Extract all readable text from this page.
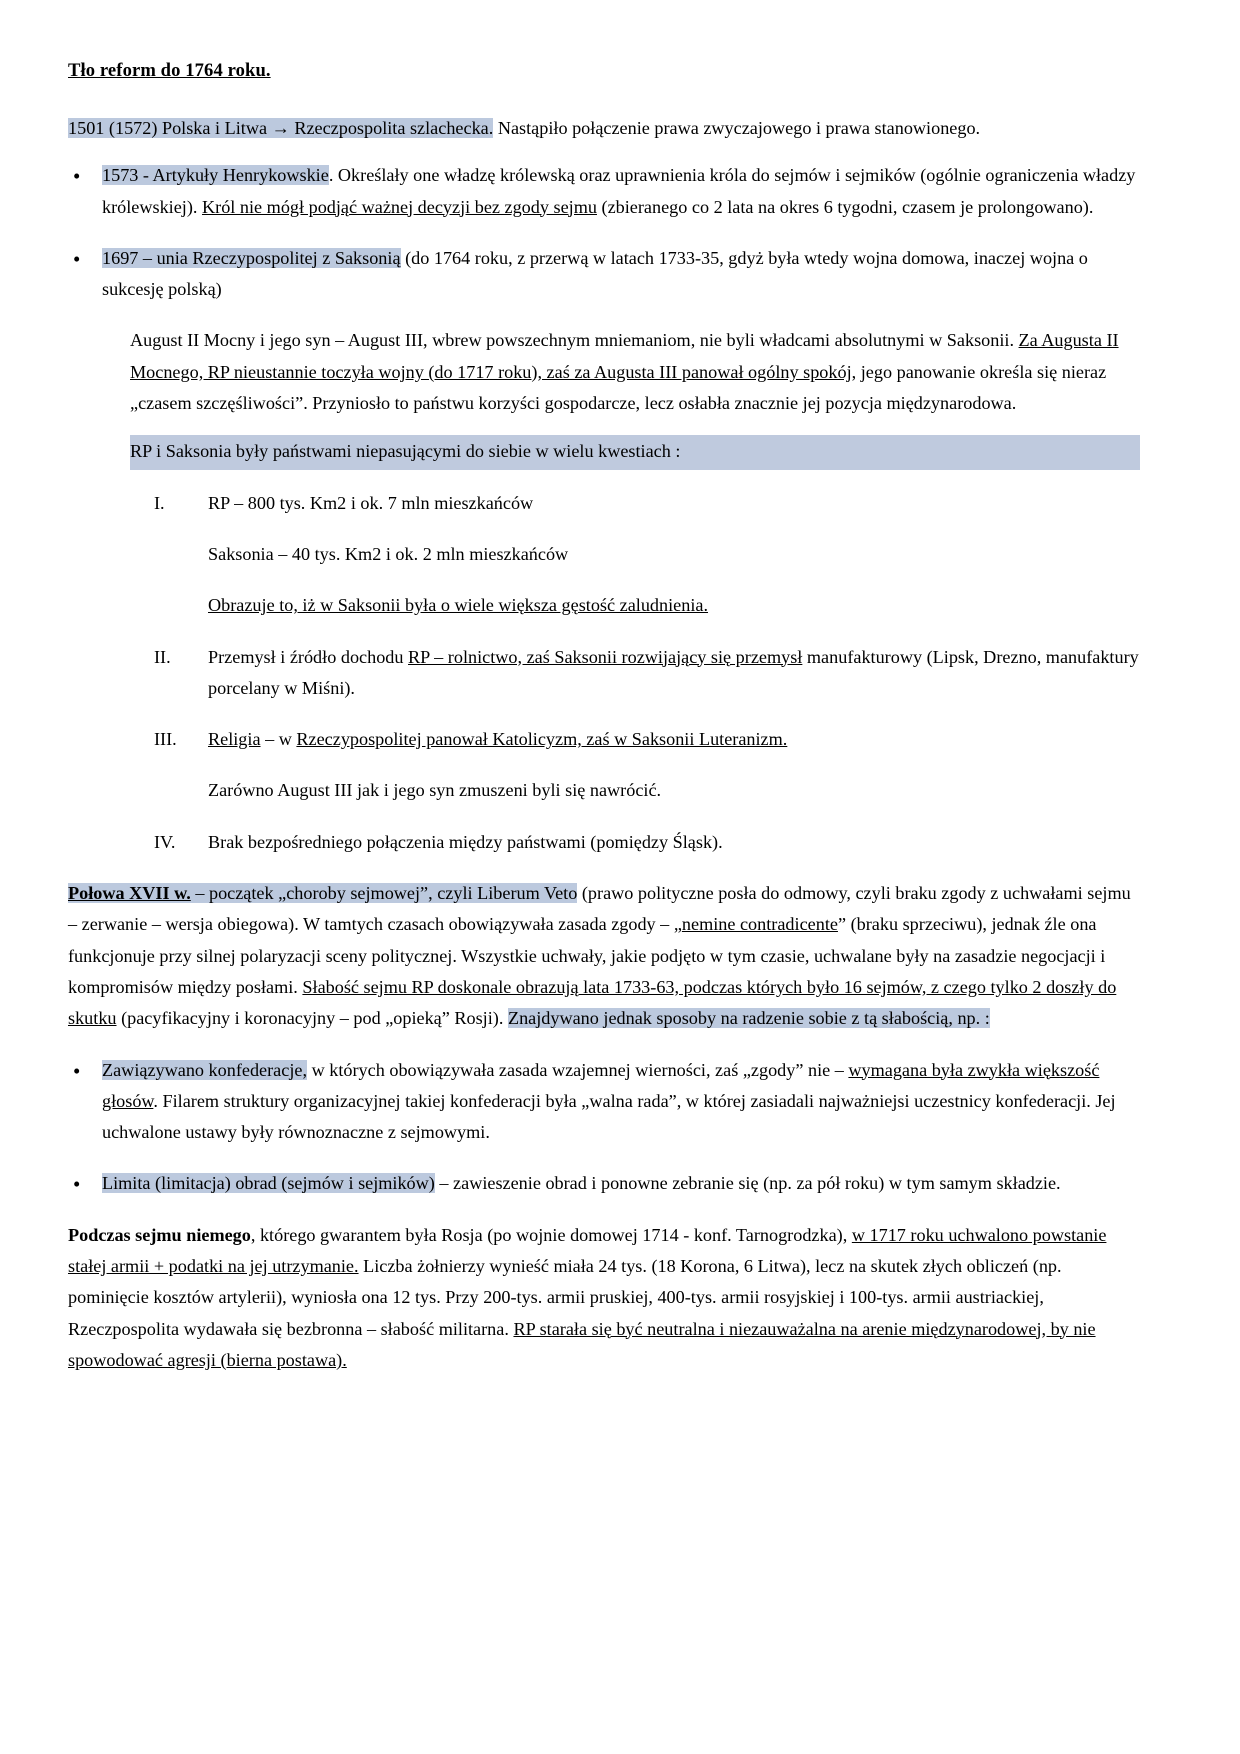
Tło reform do 1764 roku.

1501 (1572) Polska i Litwa → Rzeczpospolita szlachecka. Nastąpiło połączenie prawa zwyczajowego i prawa stanowionego.

• 1573 - Artykuły Henrykowskie. Określały one władzę królewską oraz uprawnienia króla do sejmów i sejmików (ogólnie ograniczenia władzy królewskiej). Król nie mógł podjąć ważnej decyzji bez zgody sejmu (zbieranego co 2 lata na okres 6 tygodni, czasem je prolongowano).
• 1697 – unia Rzeczypospolitej z Saksonią (do 1764 roku, z przerwą w latach 1733-35, gdyż była wtedy wojna domowa, inaczej wojna o sukcesję polską)

August II Mocny i jego syn – August III, wbrew powszechnym mniemaniom, nie byli władcami absolutnymi w Saksonii. Za Augusta II Mocnego, RP nieustannie toczyła wojny (do 1717 roku), zaś za Augusta III panował ogólny spokój, jego panowanie określa się nieraz „czasem szczęśliwości”. Przyniosło to państwu korzyści gospodarcze, lecz osłabła znacznie jej pozycja międzynarodowa.

RP i Saksonia były państwami niepasującymi do siebie w wielu kwestiach :

I.	RP – 800 tys. Km2 i ok. 7 mln mieszkańców
Saksonia – 40 tys. Km2 i ok. 2 mln mieszkańców
Obrazuje to, iż w Saksonii była o wiele większa gęstość zaludnienia.
II.	Przemysł i źródło dochodu RP – rolnictwo, zaś Saksonii rozwijający się przemysł manufakturowy (Lipsk, Drezno, manufaktury porcelany w Miśni).
III.	Religia – w Rzeczypospolitej panował Katolicyzm, zaś w Saksonii Luteranizm.
Zarówno August III jak i jego syn zmuszeni byli się nawrócić.
IV.	Brak bezpośredniego połączenia między państwami (pomiędzy Śląsk).

Połowa XVII w. – początek „choroby sejmowej”, czyli Liberum Veto (prawo polityczne posła do odmowy, czyli braku zgody z uchwałami sejmu – zerwanie – wersja obiegowa). W tamtych czasach obowiązywała zasada zgody – „nemine contradicente” (braku sprzeciwu), jednak źle ona funkcjonuje przy silnej polaryzacji sceny politycznej. Wszystkie uchwały, jakie podjęto w tym czasie, uchwalane były na zasadzie negocjacji i kompromisów między posłami. Słabość sejmu RP doskonale obrazują lata 1733-63, podczas których było 16 sejmów, z czego tylko 2 doszły do skutku (pacyfikacyjny i koronacyjny – pod „opieką” Rosji). Znajdywano jednak sposoby na radzenie sobie z tą słabością, np. :

• Zawiązywano konfederacje, w których obowiązywała zasada wzajemnej wierności, zaś „zgody” nie – wymagana była zwykła większość głosów. Filarem struktury organizacyjnej takiej konfederacji była „walna rada”, w której zasiadali najważniejsi uczestnicy konfederacji. Jej uchwalone ustawy były równoznaczne z sejmowymi.
• Limita (limitacja) obrad (sejmów i sejmików) – zawieszenie obrad i ponowne zebranie się (np. za pół roku) w tym samym składzie.

Podczas sejmu niemego, którego gwarantem była Rosja (po wojnie domowej 1714 - konf. Tarnogrodzka), w 1717 roku uchwalono powstanie stałej armii + podatki na jej utrzymanie. Liczba żołnierzy wynieść miała 24 tys. (18 Korona, 6 Litwa), lecz na skutek złych obliczeń (np. pominięcie kosztów artylerii), wyniosła ona 12 tys. Przy 200-tys. armii pruskiej, 400-tys. armii rosyjskiej i 100-tys. armii austriackiej, Rzeczpospolita wydawała się bezbronna – słabość militarna. RP starała się być neutralna i niezauważalna na arenie międzynarodowej, by nie spowodować agresji (bierna postawa).
